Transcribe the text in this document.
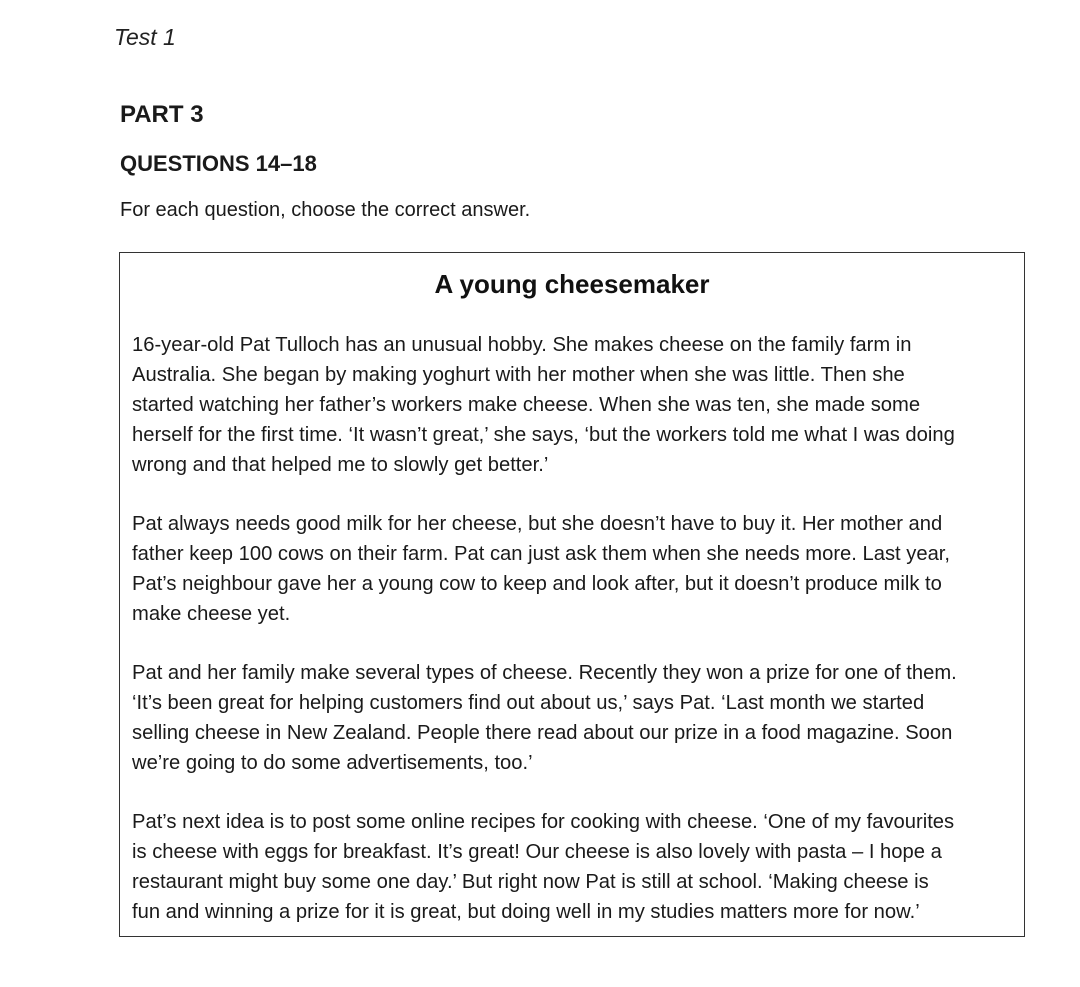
Test 1
PART 3
QUESTIONS 14–18
For each question, choose the correct answer.
A young cheesemaker

16-year-old Pat Tulloch has an unusual hobby. She makes cheese on the family farm in
Australia. She began by making yoghurt with her mother when she was little. Then she
started watching her father’s workers make cheese. When she was ten, she made some
herself for the first time. ‘It wasn’t great,’ she says, ‘but the workers told me what I was doing
wrong and that helped me to slowly get better.’

Pat always needs good milk for her cheese, but she doesn’t have to buy it. Her mother and
father keep 100 cows on their farm. Pat can just ask them when she needs more. Last year,
Pat’s neighbour gave her a young cow to keep and look after, but it doesn’t produce milk to
make cheese yet.

Pat and her family make several types of cheese. Recently they won a prize for one of them.
‘It’s been great for helping customers find out about us,’ says Pat. ‘Last month we started
selling cheese in New Zealand. People there read about our prize in a food magazine. Soon
we’re going to do some advertisements, too.’

Pat’s next idea is to post some online recipes for cooking with cheese. ‘One of my favourites
is cheese with eggs for breakfast. It’s great! Our cheese is also lovely with pasta – I hope a
restaurant might buy some one day.’ But right now Pat is still at school. ‘Making cheese is
fun and winning a prize for it is great, but doing well in my studies matters more for now.’
